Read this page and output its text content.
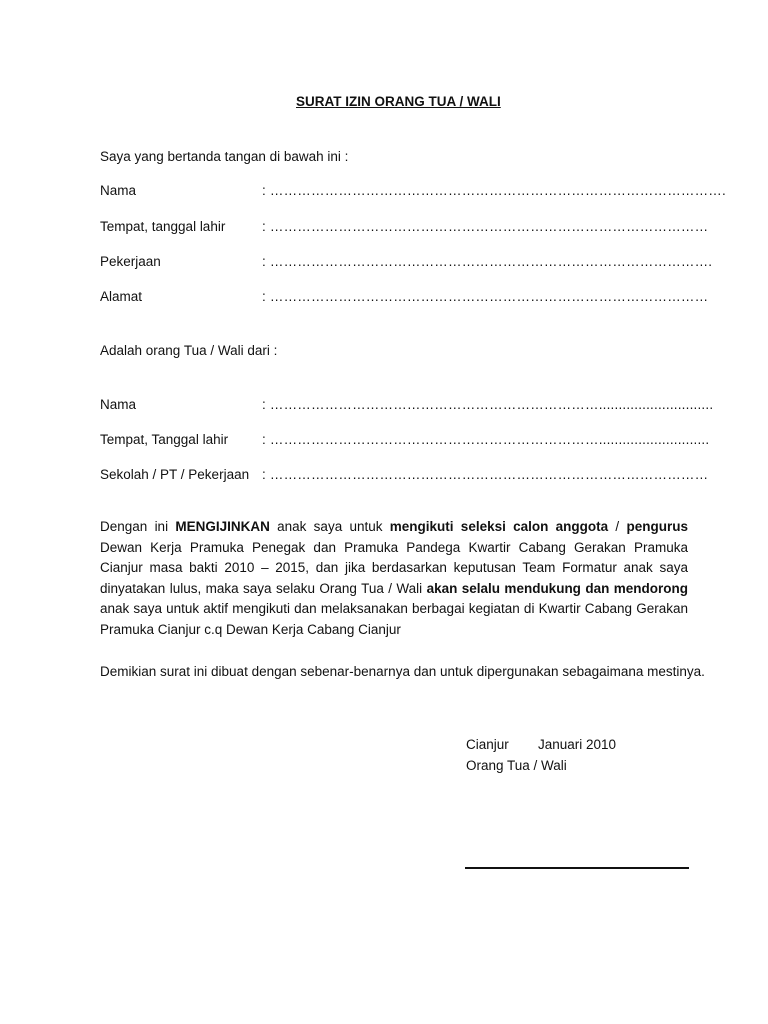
SURAT IZIN ORANG TUA / WALI
Saya yang bertanda tangan di bawah ini :
Nama	: ……………………………………………………………………………………….
Tempat, tanggal lahir	: ……………………………………………………………………………………
Pekerjaan	: …………………………………………………………………………………….
Alamat	: ……………………………………………………………………………………
Adalah orang Tua / Wali dari :
Nama	: ……………………………………………………………….............................
Tempat, Tanggal lahir	: ………………………………………………………………............................
Sekolah / PT / Pekerjaan : ……………………………………………………………………………………
Dengan ini MENGIJINKAN anak saya untuk mengikuti seleksi calon anggota / pengurus Dewan Kerja Pramuka Penegak dan Pramuka Pandega Kwartir Cabang Gerakan Pramuka Cianjur masa bakti 2010 – 2015, dan jika berdasarkan keputusan Team Formatur anak saya dinyatakan lulus, maka saya selaku Orang Tua / Wali akan selalu mendukung dan mendorong anak saya untuk aktif mengikuti dan melaksanakan berbagai kegiatan di Kwartir Cabang Gerakan Pramuka Cianjur c.q Dewan Kerja Cabang Cianjur
Demikian surat ini dibuat dengan sebenar-benarnya dan untuk dipergunakan sebagaimana mestinya.
Cianjur Januari 2010
Orang Tua / Wali
